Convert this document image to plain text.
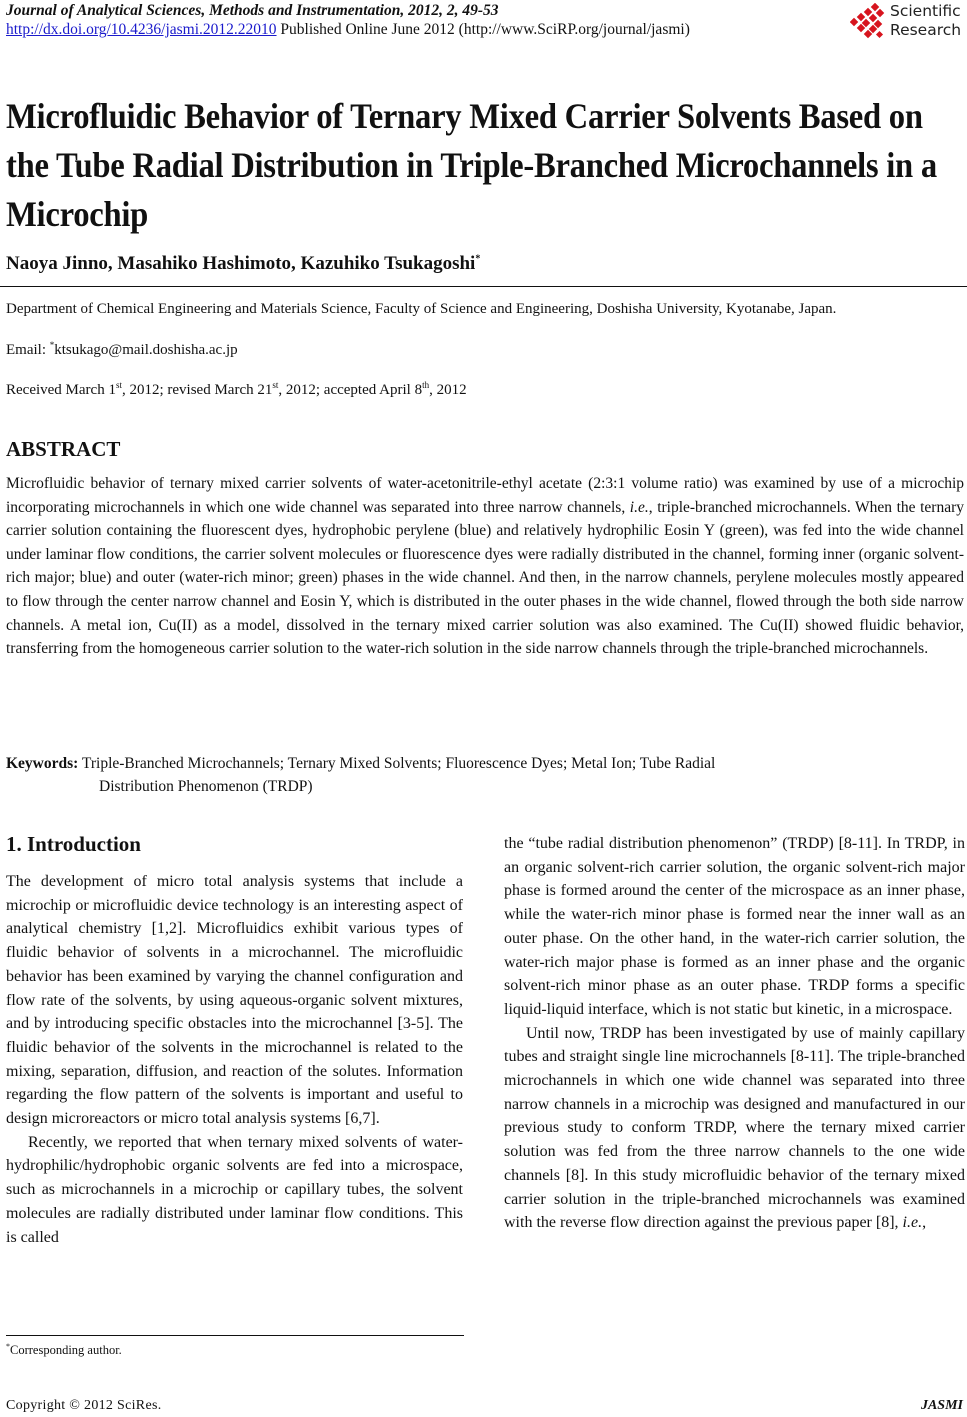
Journal of Analytical Sciences, Methods and Instrumentation, 2012, 2, 49-53
http://dx.doi.org/10.4236/jasmi.2012.22010 Published Online June 2012 (http://www.SciRP.org/journal/jasmi)
Scientific
Research
Microfluidic Behavior of Ternary Mixed Carrier Solvents Based on the Tube Radial Distribution in Triple-Branched Microchannels in a Microchip
Naoya Jinno, Masahiko Hashimoto, Kazuhiko Tsukagoshi*
Department of Chemical Engineering and Materials Science, Faculty of Science and Engineering, Doshisha University, Kyotanabe, Japan.
Email: *ktsukago@mail.doshisha.ac.jp
Received March 1st, 2012; revised March 21st, 2012; accepted April 8th, 2012
ABSTRACT
Microfluidic behavior of ternary mixed carrier solvents of water-acetonitrile-ethyl acetate (2:3:1 volume ratio) was examined by use of a microchip incorporating microchannels in which one wide channel was separated into three narrow channels, i.e., triple-branched microchannels. When the ternary carrier solution containing the fluorescent dyes, hydrophobic perylene (blue) and relatively hydrophilic Eosin Y (green), was fed into the wide channel under laminar flow conditions, the carrier solvent molecules or fluorescence dyes were radially distributed in the channel, forming inner (organic solvent-rich major; blue) and outer (water-rich minor; green) phases in the wide channel. And then, in the narrow channels, perylene molecules mostly appeared to flow through the center narrow channel and Eosin Y, which is distributed in the outer phases in the wide channel, flowed through the both side narrow channels. A metal ion, Cu(II) as a model, dissolved in the ternary mixed carrier solution was also examined. The Cu(II) showed fluidic behavior, transferring from the homogeneous carrier solution to the water-rich solution in the side narrow channels through the triple-branched microchannels.
Keywords: Triple-Branched Microchannels; Ternary Mixed Solvents; Fluorescence Dyes; Metal Ion; Tube Radial
Distribution Phenomenon (TRDP)
1. Introduction

The development of micro total analysis systems that include a microchip or microfluidic device technology is an interesting aspect of analytical chemistry [1,2]. Microfluidics exhibit various types of fluidic behavior of solvents in a microchannel. The microfluidic behavior has been examined by varying the channel configuration and flow rate of the solvents, by using aqueous-organic solvent mixtures, and by introducing specific obstacles into the microchannel [3-5]. The fluidic behavior of the solvents in the microchannel is related to the mixing, separation, diffusion, and reaction of the solutes. Information regarding the flow pattern of the solvents is important and useful to design microreactors or micro total analysis systems [6,7].

Recently, we reported that when ternary mixed solvents of water-hydrophilic/hydrophobic organic solvents are fed into a microspace, such as microchannels in a microchip or capillary tubes, the solvent molecules are radially distributed under laminar flow conditions. This is called

the “tube radial distribution phenomenon” (TRDP) [8-11]. In TRDP, in an organic solvent-rich carrier solution, the organic solvent-rich major phase is formed around the center of the microspace as an inner phase, while the water-rich minor phase is formed near the inner wall as an outer phase. On the other hand, in the water-rich carrier solution, the water-rich major phase is formed as an inner phase and the organic solvent-rich minor phase as an outer phase. TRDP forms a specific liquid-liquid interface, which is not static but kinetic, in a microspace.

Until now, TRDP has been investigated by use of mainly capillary tubes and straight single line microchannels [8-11]. The triple-branched microchannels in which one wide channel was separated into three narrow channels in a microchip was designed and manufactured in our previous study to conform TRDP, where the ternary mixed carrier solution was fed from the three narrow channels to the one wide channels [8]. In this study microfluidic behavior of the ternary mixed carrier solution in the triple-branched microchannels was examined with the reverse flow direction against the previous paper [8], i.e.,

*Corresponding author.
Copyright © 2012 SciRes.	JASMI
